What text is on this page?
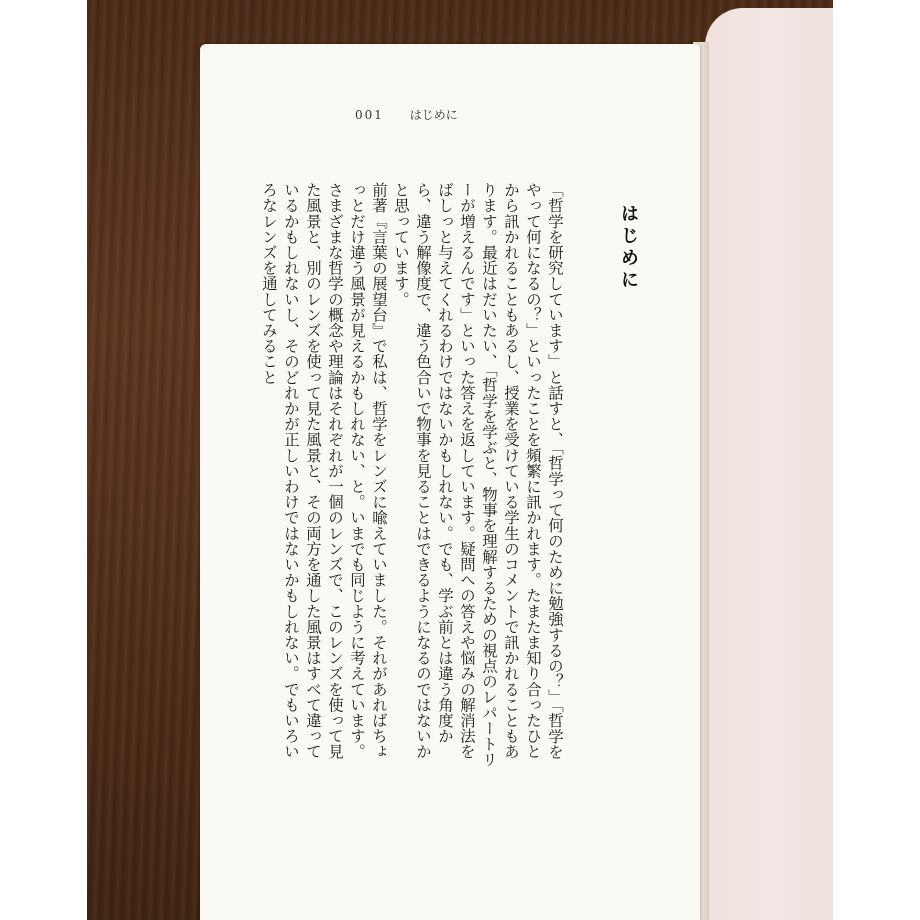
001 はじめに
はじめに

「哲学を研究しています」と話すと、「哲学って何のために勉強するの？」「哲学をやって何になるの？」といったことを頻繁に訊かれます。たまたま知り合ったひとから訊かれることもあるし、授業を受けている学生のコメントで訊かれることもあります。最近はだいたい、「哲学を学ぶと、物事を理解するための視点のレパートリーが増えるんです」といった答えを返しています。疑問への答えや悩みの解消法をばしっと与えてくれるわけではないかもしれない。でも、学ぶ前とは違う角度から、違う解像度で、違う色合いで物事を見ることはできるようになるのではないかと思っています。

前著『言葉の展望台』で私は、哲学をレンズに喩えていました。それがあればちょっとだけ違う風景が見えるかもしれない、と。いまでも同じように考えています。さまざまな哲学の概念や理論はそれぞれが一個のレンズで、このレンズを使って見た風景と、別のレンズを使って見た風景と、その両方を通した風景はすべて違っているかもしれないし、そのどれかが正しいわけではないかもしれない。でもいろいろなレンズを通してみること
